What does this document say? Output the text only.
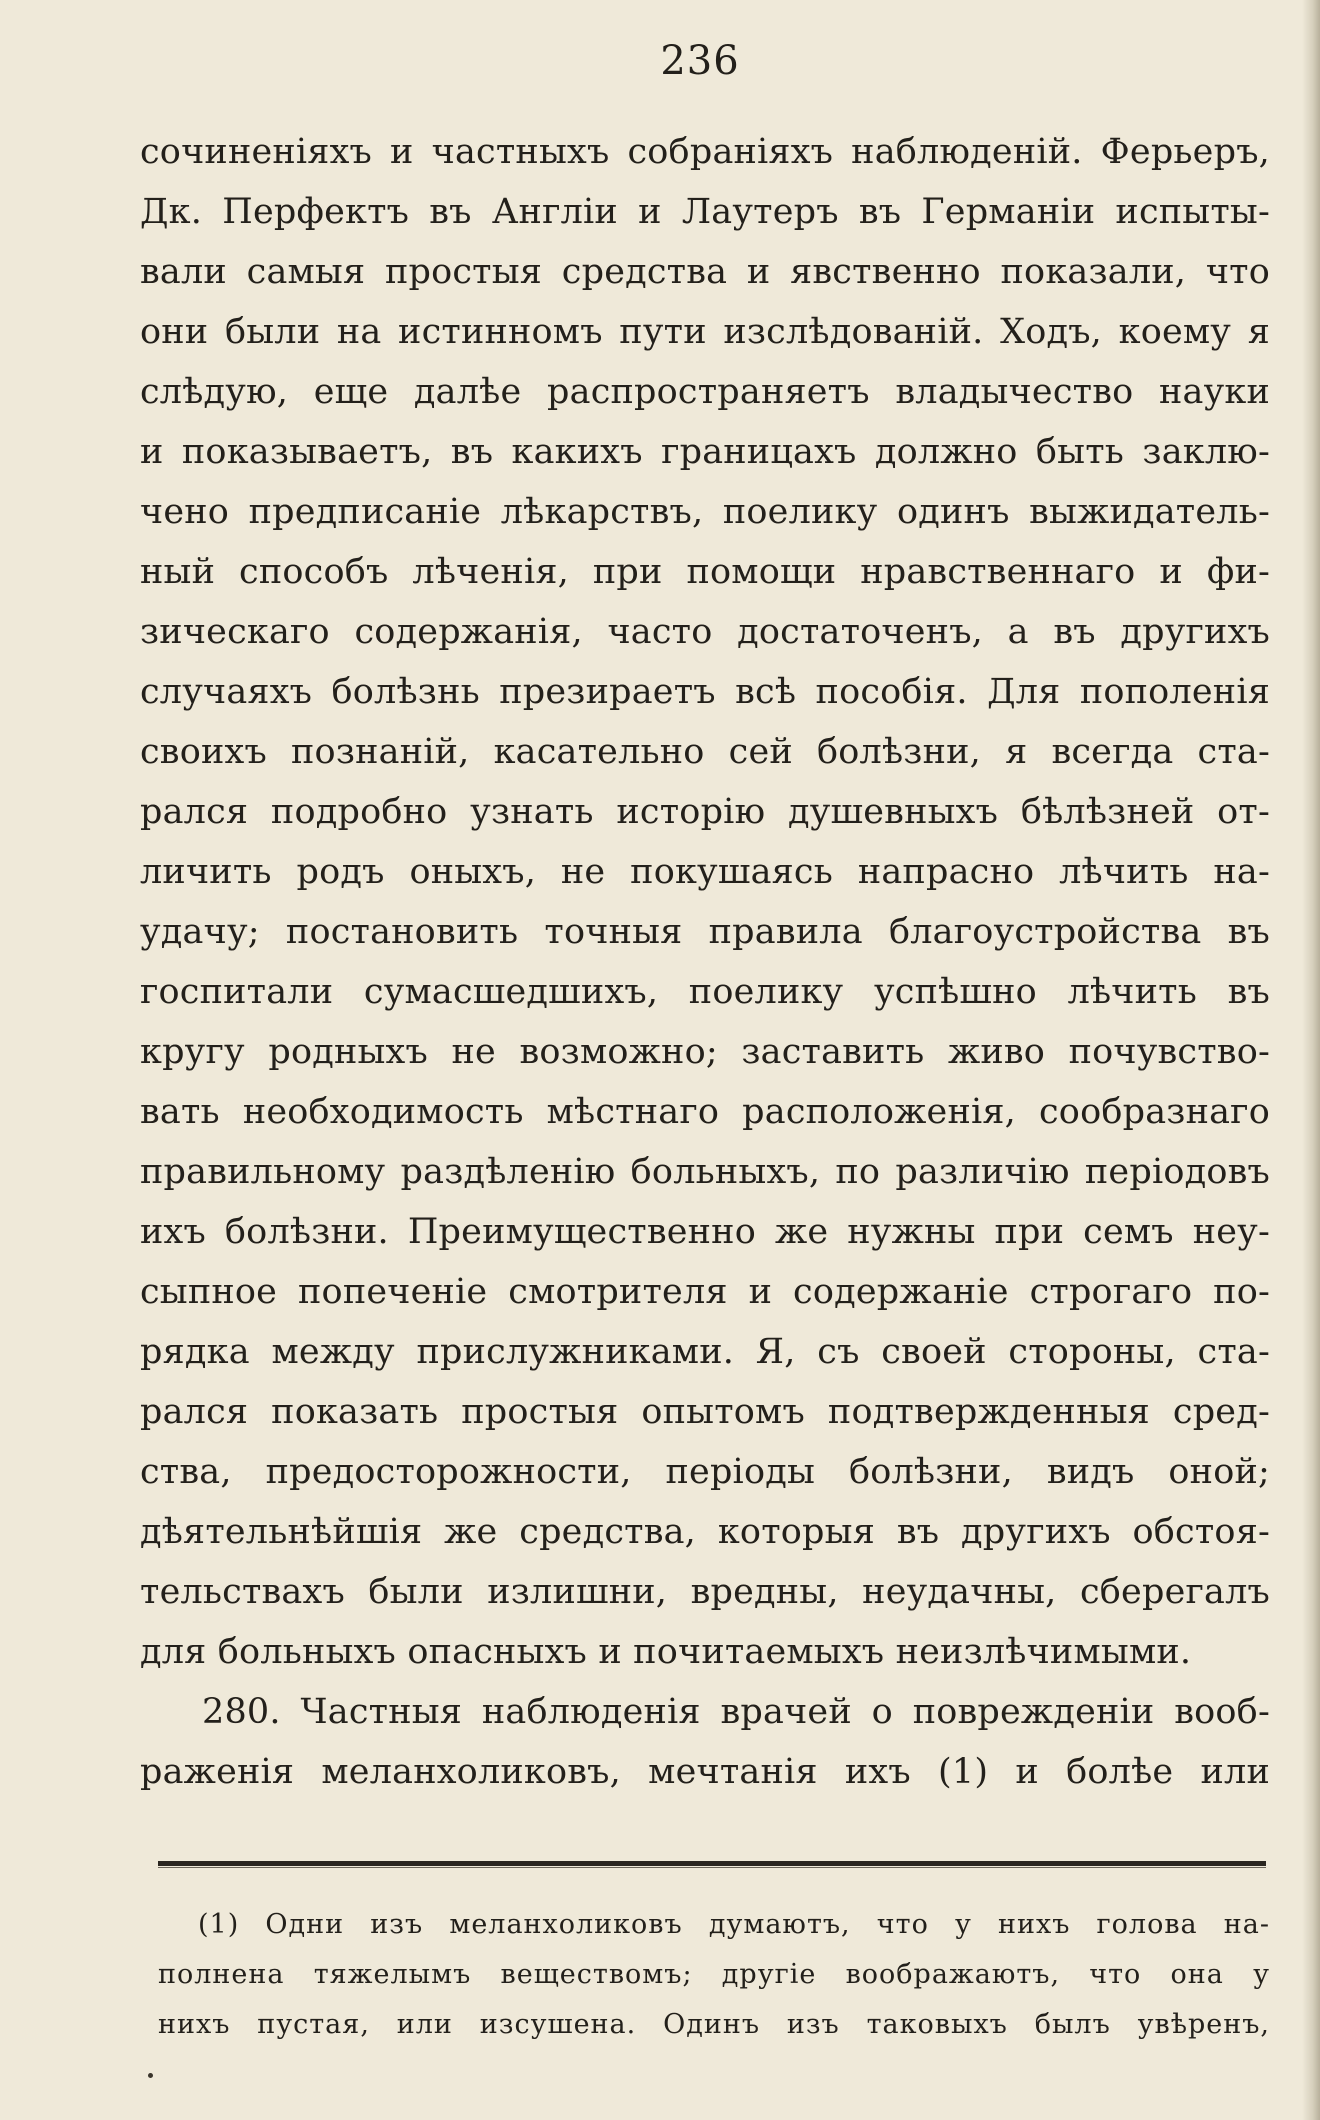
236
сочиненіяхъ и частныхъ собраніяхъ наблюденій. Ферьеръ,
Дк. Перфектъ въ Англіи и Лаутеръ въ Германіи испыты-
вали самыя простыя средства и явственно показали, что
они были на истинномъ пути изслѣдованій. Ходъ, коему я
слѣдую, еще далѣе распространяетъ владычество науки
и показываетъ, въ какихъ границахъ должно быть заклю-
чено предписаніе лѣкарствъ, поелику одинъ выжидатель-
ный способъ лѣченія, при помощи нравственнаго и фи-
зическаго содержанія, часто достаточенъ, а въ другихъ
случаяхъ болѣзнь презираетъ всѣ пособія. Для пополенія
своихъ познаній, касательно сей болѣзни, я всегда ста-
рался подробно узнать исторію душевныхъ бѣлѣзней от-
личить родъ оныхъ, не покушаясь напрасно лѣчить на-
удачу; постановить точныя правила благоустройства въ
госпитали сумасшедшихъ, поелику успѣшно лѣчить въ
кругу родныхъ не возможно; заставить живо почувство-
вать необходимость мѣстнаго расположенія, сообразнаго
правильному раздѣленію больныхъ, по различію періодовъ
ихъ болѣзни. Преимущественно же нужны при семъ неу-
сыпное попеченіе смотрителя и содержаніе строгаго по-
рядка между прислужниками. Я, съ своей стороны, ста-
рался показать простыя опытомъ подтвержденныя сред-
ства, предосторожности, періоды болѣзни, видъ оной;
дѣятельнѣйшія же средства, которыя въ другихъ обстоя-
тельствахъ были излишни, вредны, неудачны, сберегалъ
для больныхъ опасныхъ и почитаемыхъ неизлѣчимыми.
280. Частныя наблюденія врачей о поврежденіи вооб-
раженія меланхоликовъ, мечтанія ихъ (1) и болѣе или
(1) Одни изъ меланхоликовъ думаютъ, что у нихъ голова на-
полнена тяжелымъ веществомъ; другіе воображаютъ, что она у
нихъ пустая, или изсушена. Одинъ изъ таковыхъ былъ увѣренъ,
